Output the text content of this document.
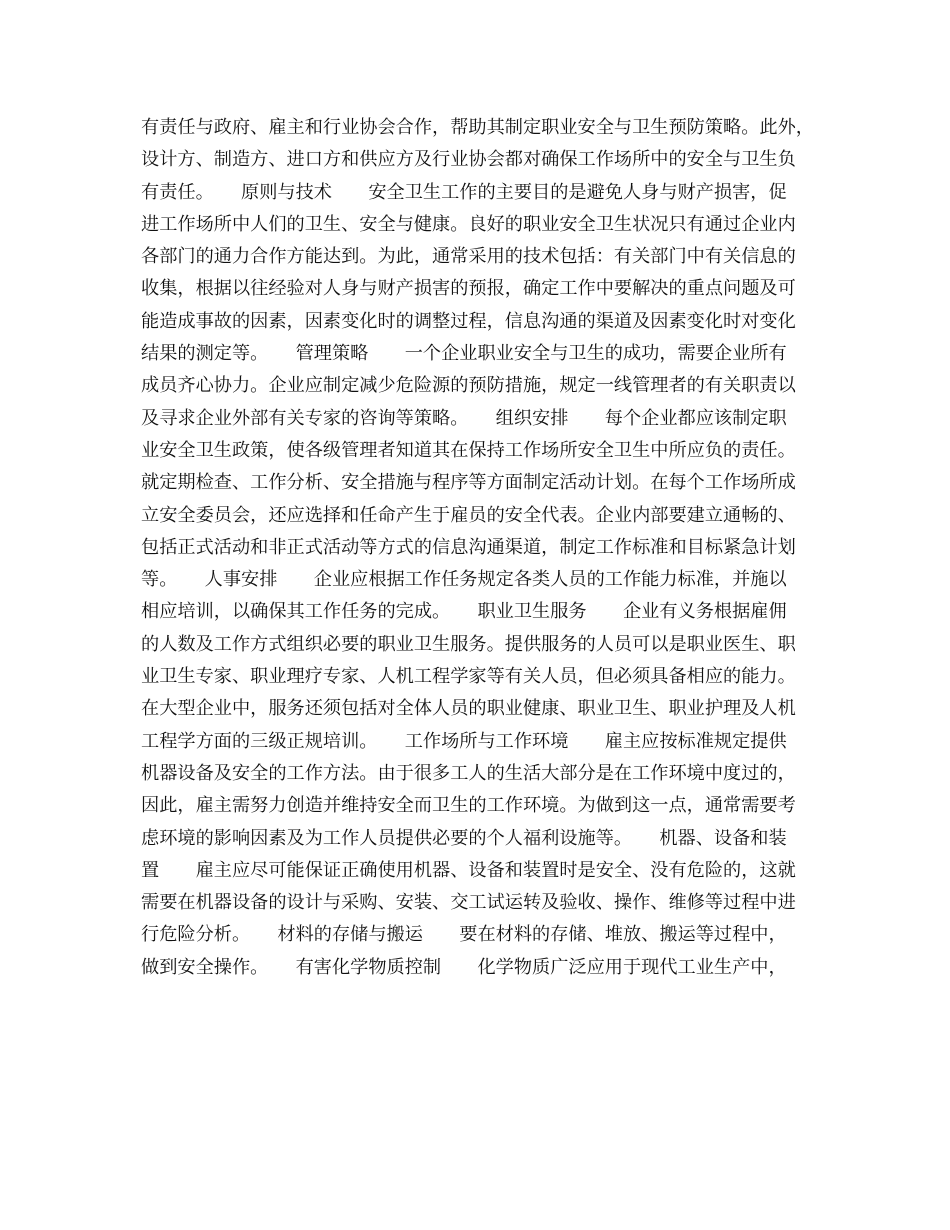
有责任与政府、雇主和行业协会合作，帮助其制定职业安全与卫生预防策略。此外，
设计方、制造方、进口方和供应方及行业协会都对确保工作场所中的安全与卫生负
有责任。　　原则与技术　　安全卫生工作的主要目的是避免人身与财产损害，促
进工作场所中人们的卫生、安全与健康。良好的职业安全卫生状况只有通过企业内
各部门的通力合作方能达到。为此，通常采用的技术包括：有关部门中有关信息的
收集，根据以往经验对人身与财产损害的预报，确定工作中要解决的重点问题及可
能造成事故的因素，因素变化时的调整过程，信息沟通的渠道及因素变化时对变化
结果的测定等。　　管理策略　　一个企业职业安全与卫生的成功，需要企业所有
成员齐心协力。企业应制定减少危险源的预防措施，规定一线管理者的有关职责以
及寻求企业外部有关专家的咨询等策略。　　组织安排　　每个企业都应该制定职
业安全卫生政策，使各级管理者知道其在保持工作场所安全卫生中所应负的责任。
就定期检查、工作分析、安全措施与程序等方面制定活动计划。在每个工作场所成
立安全委员会，还应选择和任命产生于雇员的安全代表。企业内部要建立通畅的、
包括正式活动和非正式活动等方式的信息沟通渠道，制定工作标准和目标紧急计划
等。　　人事安排　　企业应根据工作任务规定各类人员的工作能力标准，并施以
相应培训，以确保其工作任务的完成。　　职业卫生服务　　企业有义务根据雇佣
的人数及工作方式组织必要的职业卫生服务。提供服务的人员可以是职业医生、职
业卫生专家、职业理疗专家、人机工程学家等有关人员，但必须具备相应的能力。
在大型企业中，服务还须包括对全体人员的职业健康、职业卫生、职业护理及人机
工程学方面的三级正规培训。　　工作场所与工作环境　　雇主应按标准规定提供
机器设备及安全的工作方法。由于很多工人的生活大部分是在工作环境中度过的，
因此，雇主需努力创造并维持安全而卫生的工作环境。为做到这一点，通常需要考
虑环境的影响因素及为工作人员提供必要的个人福利设施等。　　机器、设备和装
置　　雇主应尽可能保证正确使用机器、设备和装置时是安全、没有危险的，这就
需要在机器设备的设计与采购、安装、交工试运转及验收、操作、维修等过程中进
行危险分析。　　材料的存储与搬运　　要在材料的存储、堆放、搬运等过程中，
做到安全操作。　　有害化学物质控制　　化学物质广泛应用于现代工业生产中，
